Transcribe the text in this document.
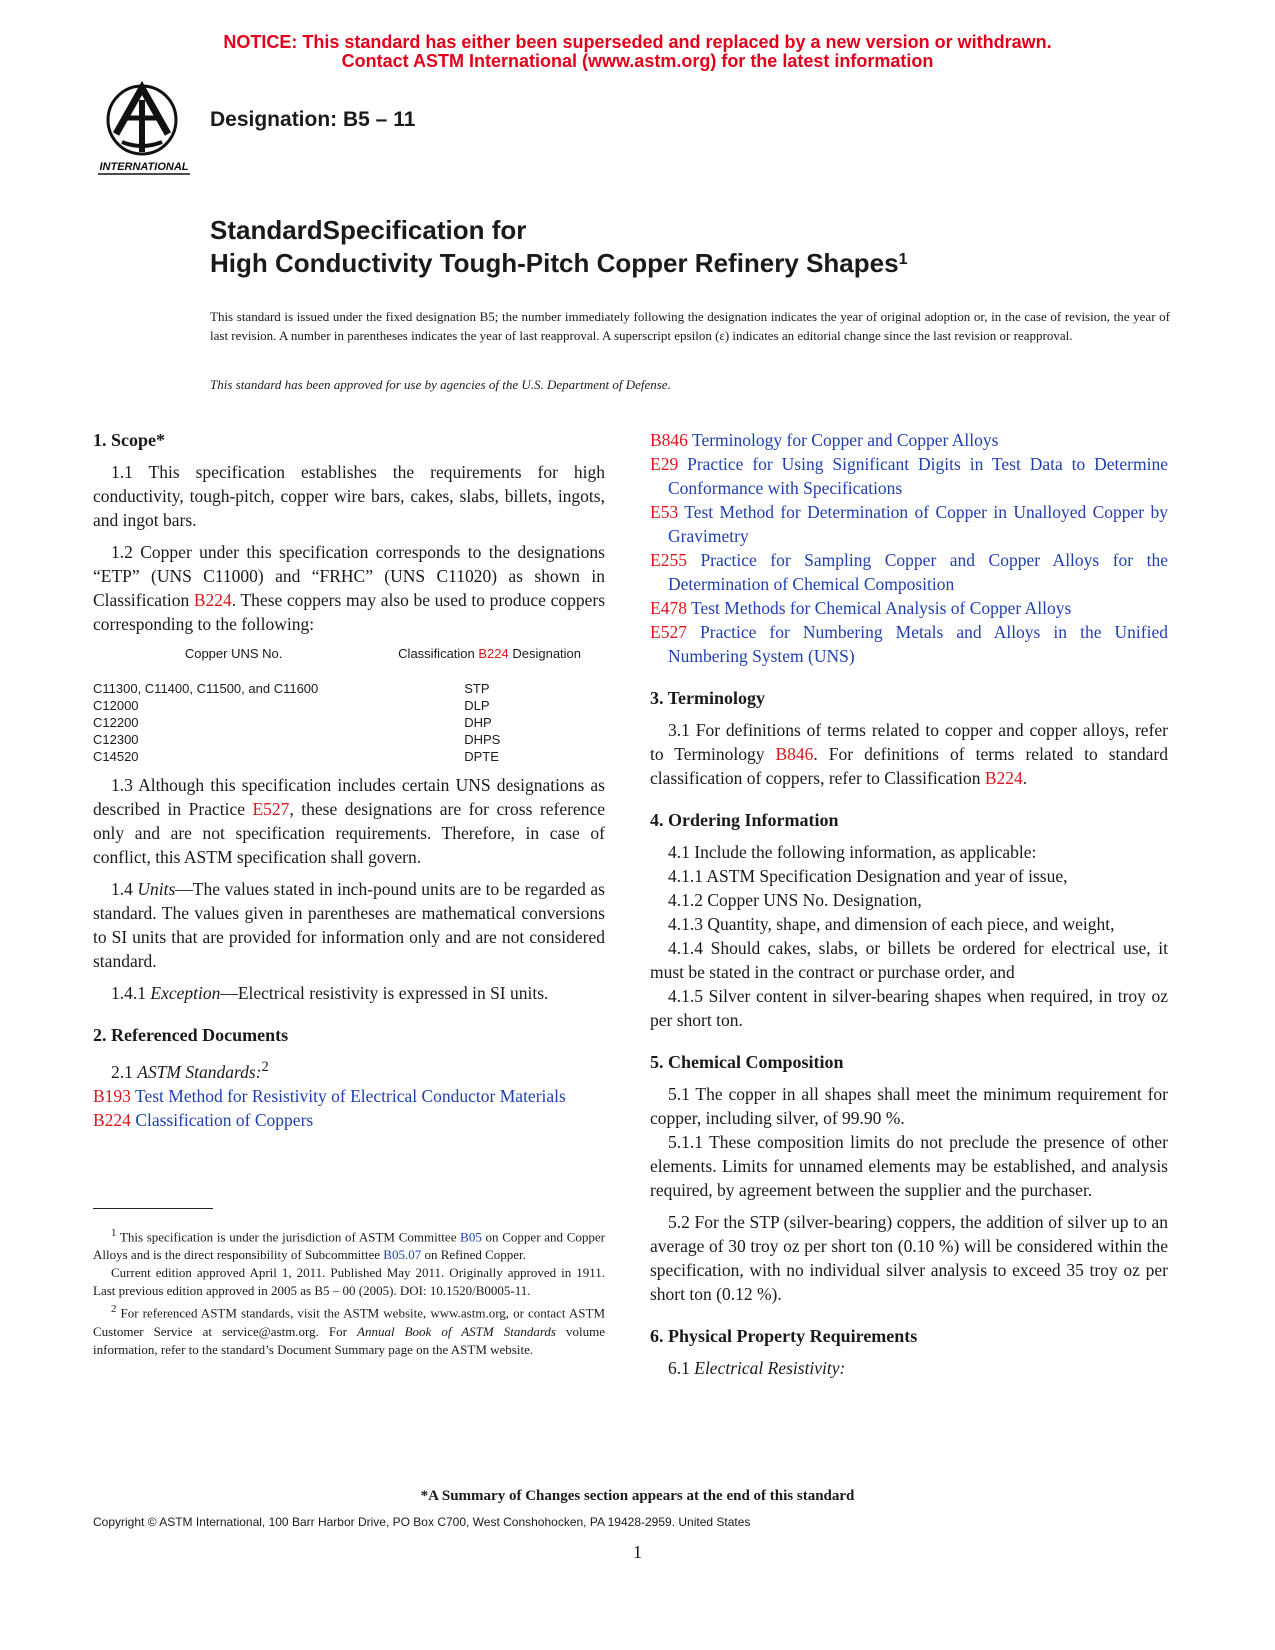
NOTICE: This standard has either been superseded and replaced by a new version or withdrawn.
Contact ASTM International (www.astm.org) for the latest information
INTERNATIONAL
Designation: B5 – 11
StandardSpecification for
High Conductivity Tough-Pitch Copper Refinery Shapes$^1$
This standard is issued under the fixed designation B5; the number immediately following the designation indicates the year of original adoption or, in the case of revision, the year of last revision. A number in parentheses indicates the year of last reapproval. A superscript epsilon (ε) indicates an editorial change since the last revision or reapproval.
This standard has been approved for use by agencies of the U.S. Department of Defense.
1. Scope*

1.1 This specification establishes the requirements for high conductivity, tough-pitch, copper wire bars, cakes, slabs, billets, ingots, and ingot bars.

1.2 Copper under this specification corresponds to the designations “ETP” (UNS C11000) and “FRHC” (UNS C11020) as shown in Classification B224. These coppers may also be used to produce coppers corresponding to the following:

Copper UNS No.	Classification B224 Designation
C11300, C11400, C11500, and C11600	STP
C12000	DLP
C12200	DHP
C12300	DHPS
C14520	DPTE

1.3 Although this specification includes certain UNS designations as described in Practice E527, these designations are for cross reference only and are not specification requirements. Therefore, in case of conflict, this ASTM specification shall govern.

1.4 Units—The values stated in inch-pound units are to be regarded as standard. The values given in parentheses are mathematical conversions to SI units that are provided for information only and are not considered standard.

1.4.1 Exception—Electrical resistivity is expressed in SI units.

2. Referenced Documents

2.1 ASTM Standards:$^2$

B193 Test Method for Resistivity of Electrical Conductor Materials
B224 Classification of Coppers
B846 Terminology for Copper and Copper Alloys
E29 Practice for Using Significant Digits in Test Data to Determine Conformance with Specifications
E53 Test Method for Determination of Copper in Unalloyed Copper by Gravimetry
E255 Practice for Sampling Copper and Copper Alloys for the Determination of Chemical Composition
E478 Test Methods for Chemical Analysis of Copper Alloys
E527 Practice for Numbering Metals and Alloys in the Unified Numbering System (UNS)
3. Terminology

3.1 For definitions of terms related to copper and copper alloys, refer to Terminology B846. For definitions of terms related to standard classification of coppers, refer to Classification B224.

4. Ordering Information

4.1 Include the following information, as applicable:

4.1.1 ASTM Specification Designation and year of issue,

4.1.2 Copper UNS No. Designation,

4.1.3 Quantity, shape, and dimension of each piece, and weight,

4.1.4 Should cakes, slabs, or billets be ordered for electrical use, it must be stated in the contract or purchase order, and

4.1.5 Silver content in silver-bearing shapes when required, in troy oz per short ton.

5. Chemical Composition

5.1 The copper in all shapes shall meet the minimum requirement for copper, including silver, of 99.90 %.

5.1.1 These composition limits do not preclude the presence of other elements. Limits for unnamed elements may be established, and analysis required, by agreement between the supplier and the purchaser.

5.2 For the STP (silver-bearing) coppers, the addition of silver up to an average of 30 troy oz per short ton (0.10 %) will be considered within the specification, with no individual silver analysis to exceed 35 troy oz per short ton (0.12 %).

6. Physical Property Requirements

6.1 Electrical Resistivity:

$^1$ This specification is under the jurisdiction of ASTM Committee B05 on Copper and Copper Alloys and is the direct responsibility of Subcommittee B05.07 on Refined Copper.

Current edition approved April 1, 2011. Published May 2011. Originally approved in 1911. Last previous edition approved in 2005 as B5 – 00 (2005). DOI: 10.1520/B0005-11.

$^2$ For referenced ASTM standards, visit the ASTM website, www.astm.org, or contact ASTM Customer Service at service@astm.org. For Annual Book of ASTM Standards volume information, refer to the standard’s Document Summary page on the ASTM website.

*A Summary of Changes section appears at the end of this standard
Copyright © ASTM International, 100 Barr Harbor Drive, PO Box C700, West Conshohocken, PA 19428-2959. United States
1
